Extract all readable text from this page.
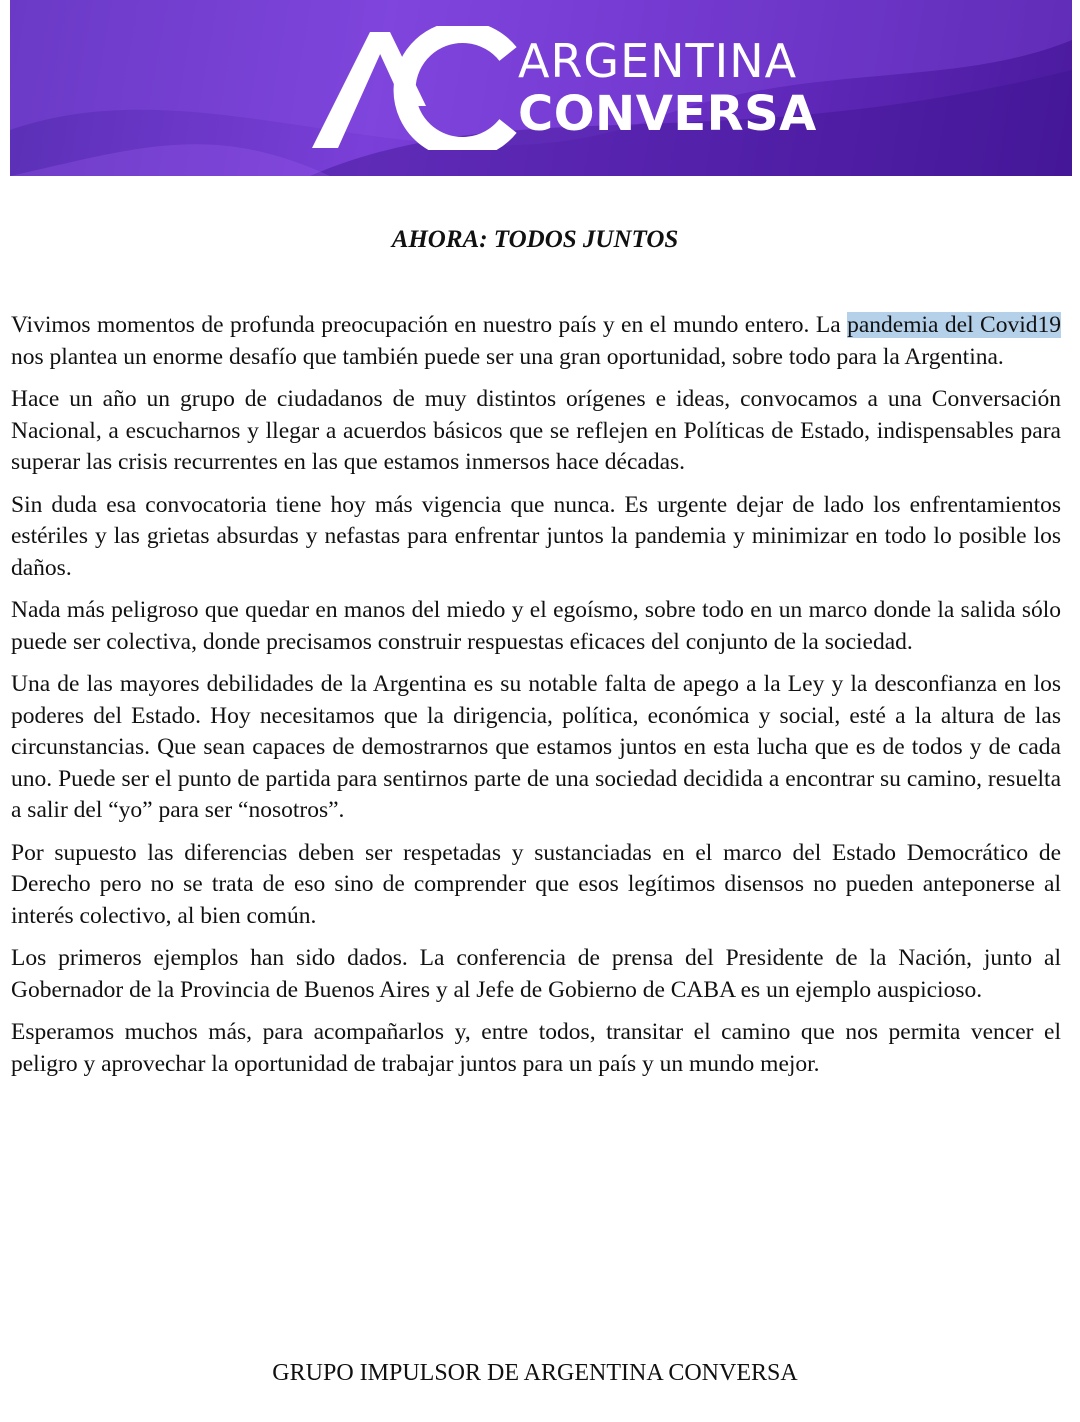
ARGENTINA
CONVERSA
AHORA: TODOS JUNTOS

Vivimos momentos de profunda preocupación en nuestro país y en el mundo entero. La pandemia del Covid19 nos plantea un enorme desafío que también puede ser una gran oportunidad, sobre todo para la Argentina.

Hace un año un grupo de ciudadanos de muy distintos orígenes e ideas, convocamos a una Conversación Nacional, a escucharnos y llegar a acuerdos básicos que se reflejen en Políticas de Estado, indispensables para superar las crisis recurrentes en las que estamos inmersos hace décadas.

Sin duda esa convocatoria tiene hoy más vigencia que nunca. Es urgente dejar de lado los enfrentamientos estériles y las grietas absurdas y nefastas para enfrentar juntos la pandemia y minimizar en todo lo posible los daños.

Nada más peligroso que quedar en manos del miedo y el egoísmo, sobre todo en un marco donde la salida sólo puede ser colectiva, donde precisamos construir respuestas eficaces del conjunto de la sociedad.

Una de las mayores debilidades de la Argentina es su notable falta de apego a la Ley y la desconfianza en los poderes del Estado. Hoy necesitamos que la dirigencia, política, económica y social, esté a la altura de las circunstancias. Que sean capaces de demostrarnos que estamos juntos en esta lucha que es de todos y de cada uno. Puede ser el punto de partida para sentirnos parte de una sociedad decidida a encontrar su camino, resuelta a salir del “yo” para ser “nosotros”.

Por supuesto las diferencias deben ser respetadas y sustanciadas en el marco del Estado Democrático de Derecho pero no se trata de eso sino de comprender que esos legítimos disensos no pueden anteponerse al interés colectivo, al bien común.

Los primeros ejemplos han sido dados. La conferencia de prensa del Presidente de la Nación, junto al Gobernador de la Provincia de Buenos Aires y al Jefe de Gobierno de CABA es un ejemplo auspicioso.

Esperamos muchos más, para acompañarlos y, entre todos, transitar el camino que nos permita vencer el peligro y aprovechar la oportunidad de trabajar juntos para un país y un mundo mejor.

GRUPO IMPULSOR DE ARGENTINA CONVERSA
